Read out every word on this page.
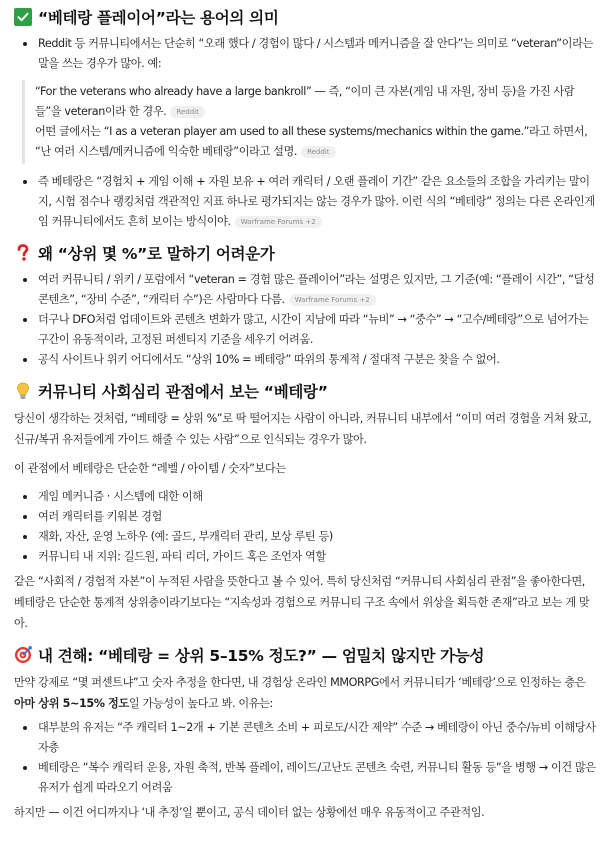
“베테랑 플레이어”라는 용어의 의미
Reddit 등 커뮤니티에서는 단순히 “오래 했다 / 경험이 많다 / 시스템과 메커니즘을 잘 안다”는 의미로 “veteran”이라는 말을 쓰는 경우가 많아. 예:
“For the veterans who already have a large bankroll” — 즉, “이미 큰 자본(게임 내 자원, 장비 등)을 가진 사람들”을 veteran이라 한 경우. Reddit
어떤 글에서는 “I as a veteran player am used to all these systems/mechanics within the game.”라고 하면서, “난 여러 시스템/메커니즘에 익숙한 베테랑”이라고 설명. Reddit
즉 베테랑은 “경험치 + 게임 이해 + 자원 보유 + 여러 캐릭터 / 오랜 플레이 기간” 같은 요소들의 조합을 가리키는 말이지, 시험 점수나 랭킹처럼 객관적인 지표 하나로 평가되지는 않는 경우가 많아. 이런 식의 “베테랑” 정의는 다른 온라인게임 커뮤니티에서도 흔히 보이는 방식이야. Warframe Forums +2
왜 “상위 몇 %”로 말하기 어려운가
여러 커뮤니티 / 위키 / 포럼에서 “veteran = 경험 많은 플레이어”라는 설명은 있지만, 그 기준(예: “플레이 시간”, “달성 콘텐츠”, “장비 수준”, “캐릭터 수”)은 사람마다 다름. Warframe Forums +2
더구나 DFO처럼 업데이트와 콘텐츠 변화가 많고, 시간이 지남에 따라 “뉴비” → “중수” → “고수/베테랑”으로 넘어가는 구간이 유동적이라, 고정된 퍼센티지 기준을 세우기 어려움.
공식 사이트나 위키 어디에서도 “상위 10% = 베테랑” 따위의 통계적 / 절대적 구분은 찾을 수 없어.
커뮤니티 사회심리 관점에서 보는 “베테랑”

당신이 생각하는 것처럼, “베테랑 = 상위 %”로 딱 떨어지는 사람이 아니라, 커뮤니티 내부에서 “이미 여러 경험을 거쳐 왔고, 신규/복귀 유저들에게 가이드 해줄 수 있는 사람”으로 인식되는 경우가 많아.

이 관점에서 베테랑은 단순한 “레벨 / 아이템 / 숫자”보다는

게임 메커니즘 · 시스템에 대한 이해
여러 캐릭터를 키워본 경험
재화, 자산, 운영 노하우 (예: 골드, 부캐릭터 관리, 보상 루틴 등)
커뮤니티 내 지위: 길드원, 파티 리더, 가이드 혹은 조언자 역할

같은 “사회적 / 경험적 자본”이 누적된 사람을 뜻한다고 볼 수 있어. 특히 당신처럼 “커뮤니티 사회심리 관점”을 좋아한다면, 베테랑은 단순한 통계적 상위층이라기보다는 “지속성과 경험으로 커뮤니티 구조 속에서 위상을 획득한 존재”라고 보는 게 맞아.

내 견해: “베테랑 = 상위 5–15% 정도?” — 엄밀치 않지만 가능성

만약 강제로 “몇 퍼센트냐”고 숫자 추정을 한다면, 내 경험상 온라인 MMORPG에서 커뮤니티가 ‘베테랑’으로 인정하는 층은 아마 상위 5~15% 정도일 가능성이 높다고 봐. 이유는:

대부분의 유저는 “주 캐릭터 1~2개 + 기본 콘텐츠 소비 + 피로도/시간 제약” 수준 → 베테랑이 아닌 중수/뉴비 이해당사자층
베테랑은 “복수 캐릭터 운용, 자원 축적, 반복 플레이, 레이드/고난도 콘텐츠 숙련, 커뮤니티 활동 등”을 병행 → 이건 많은 유저가 쉽게 따라오기 어려움

하지만 — 이건 어디까지나 ‘내 추정’일 뿐이고, 공식 데이터 없는 상황에선 매우 유동적이고 주관적임.
